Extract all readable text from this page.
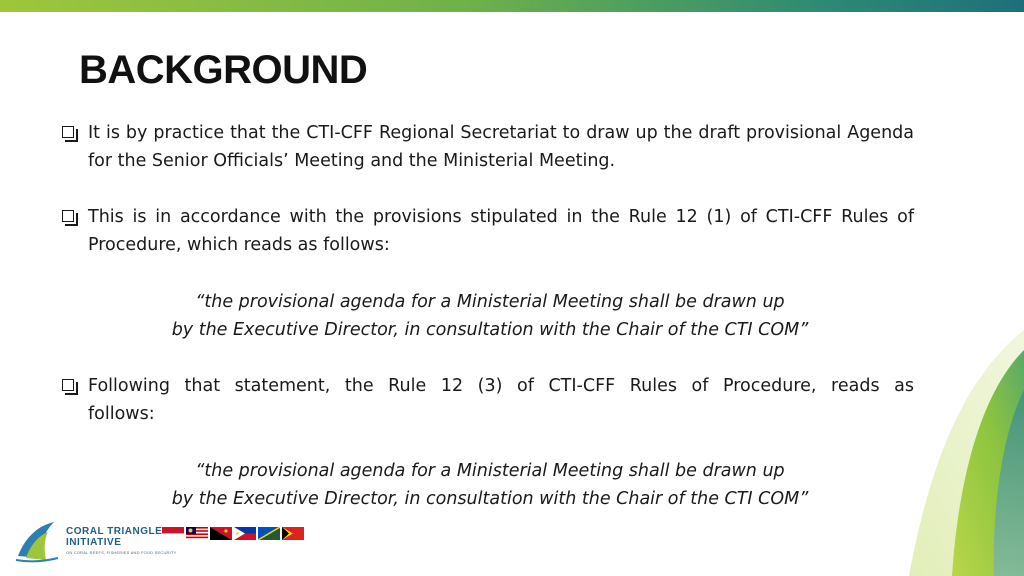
BACKGROUND
It is by practice that the CTI-CFF Regional Secretariat to draw up the draft provisional Agenda for the Senior Officials’ Meeting and the Ministerial Meeting.
This is in accordance with the provisions stipulated in the Rule 12 (1) of CTI-CFF Rules of Procedure, which reads as follows:
“the provisional agenda for a Ministerial Meeting shall be drawn up
by the Executive Director, in consultation with the Chair of the CTI COM”
Following that statement, the Rule 12 (3) of CTI-CFF Rules of Procedure, reads as
follows:
“the provisional agenda for a Ministerial Meeting shall be drawn up
by the Executive Director, in consultation with the Chair of the CTI COM”
CORAL TRIANGLE
INITIATIVE
ON CORAL REEFS, FISHERIES AND FOOD SECURITY
